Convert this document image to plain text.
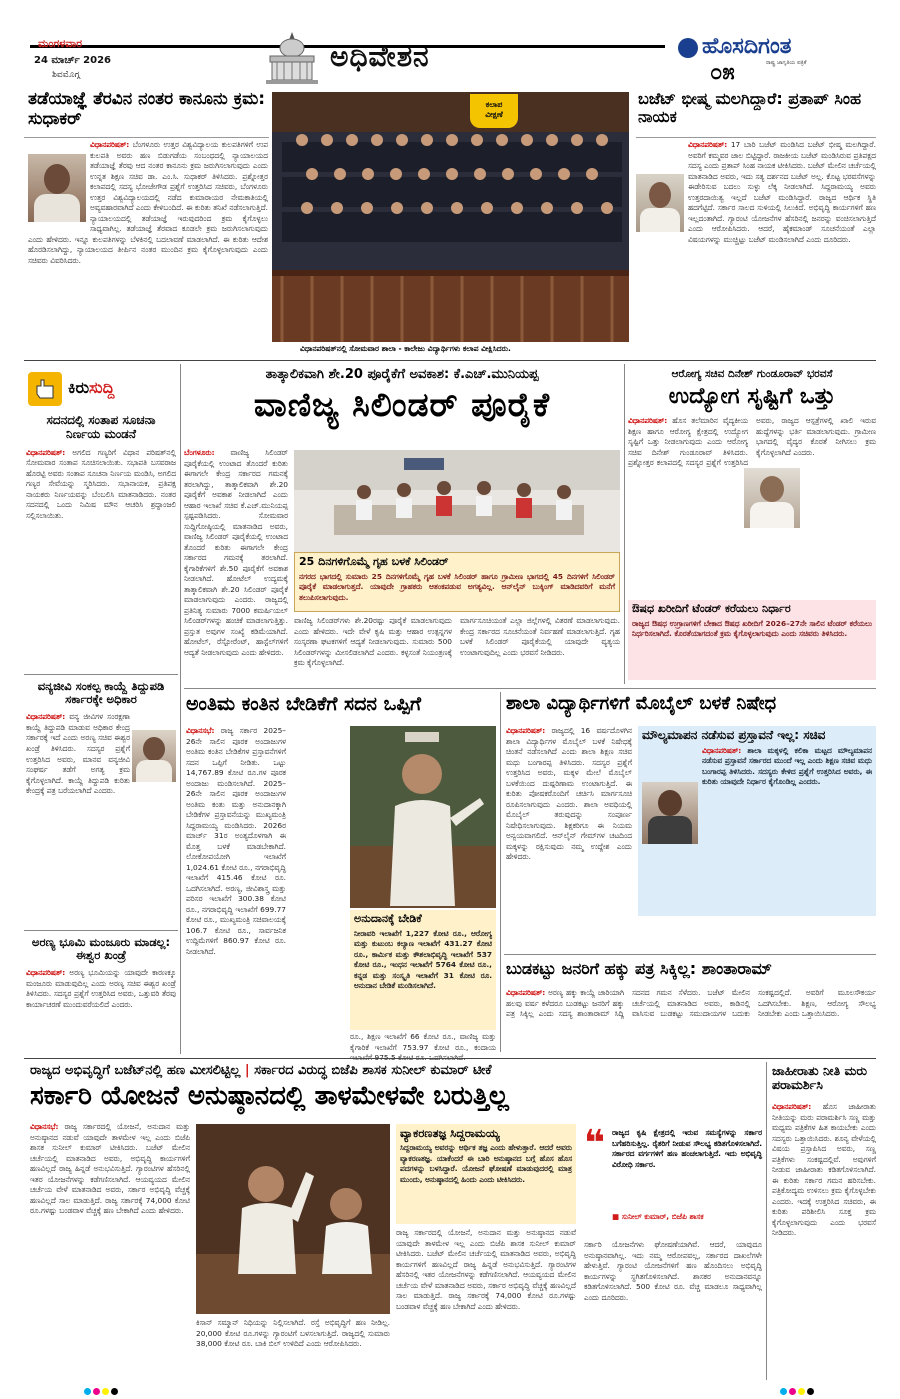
ಮಂಗಳವಾರ
24 ಮಾರ್ಚ್ 2026
ಶಿವಮೊಗ್ಗ
ಅಧಿವೇಶನ	ಹೊಸದಿಗಂತ
ರಾಷ್ಟ್ರ ಜಾಗೃತಿಯ ಪತ್ರಿಕೆ
೦೫
ತಡೆಯಾಜ್ಞೆ ತೆರವಿನ ನಂತರ ಕಾನೂನು ಕ್ರಮ: ಸುಧಾಕರ್
ವಿಧಾನಪರಿಷತ್: ಬೆಂಗಳೂರು ಉತ್ತರ ವಿಶ್ವವಿದ್ಯಾಲಯ ಕುಲಪತಿಗಳಿಗೆ ಉಪ ಕುಲಪತಿ ಅವರು ಹಣ ಬಿಡುಗಡೆಯ ಸಂಬಂಧದಲ್ಲಿ ನ್ಯಾಯಾಲಯದ ತಡೆಯಾಜ್ಞೆ ತೆರವು ಆದ ನಂತರ ಕಾನೂನು ಕ್ರಮ ಜರುಗಿಸಲಾಗುವುದು ಎಂದು ಉನ್ನತ ಶಿಕ್ಷಣ ಸಚಿವ ಡಾ. ಎಂ.ಸಿ. ಸುಧಾಕರ್ ತಿಳಿಸಿದರು. ಪ್ರಶ್ನೋತ್ತರ ಕಲಾಪದಲ್ಲಿ ಸದಸ್ಯ ಭೋಜೇಗೌಡ ಪ್ರಶ್ನೆಗೆ ಉತ್ತರಿಸಿದ ಸಚಿವರು, ಬೆಂಗಳೂರು ಉತ್ತರ ವಿಶ್ವವಿದ್ಯಾಲಯದಲ್ಲಿ ನಡೆದ ಕುಮಾರಾಯರ ನೇಮಕಾತಿಯಲ್ಲಿ ಅವ್ಯವಹಾರವಾಗಿದೆ ಎಂದು ಕೇಳಿಬಂದಿದೆ. ಈ ಕುರಿತು ತನಿಖೆ ನಡೆಸಲಾಗುತ್ತಿದೆ. ನ್ಯಾಯಾಲಯದಲ್ಲಿ ತಡೆಯಾಜ್ಞೆ ಇರುವುದರಿಂದ ಕ್ರಮ ಕೈಗೊಳ್ಳಲು ಸಾಧ್ಯವಾಗಿಲ್ಲ. ತಡೆಯಾಜ್ಞೆ ತೆರವಾದ ಕೂಡಲೇ ಕ್ರಮ ಜರುಗಿಸಲಾಗುವುದು ಎಂದು ಹೇಳಿದರು. ಇನ್ನೂ ಕುಲಪತಿಗಳನ್ನು ಬೆಳಕಿನಲ್ಲಿ ಬದಲಾವಣೆ ಮಾಡಲಾಗಿದೆ. ಈ ಕುರಿತು ಆದೇಶ ಹೊರಡಿಸಲಾಗಿದ್ದು, ನ್ಯಾಯಾಲಯದ ತೀರ್ಪಿನ ನಂತರ ಮುಂದಿನ ಕ್ರಮ ಕೈಗೊಳ್ಳಲಾಗುವುದು ಎಂದು ಸಚಿವರು ವಿವರಿಸಿದರು.
ಕಲಾಪ
ವೀಕ್ಷಣೆ
ವಿಧಾನಪರಿಷತ್‌ನಲ್ಲಿ ಸೋಮವಾರ ಶಾಲಾ - ಕಾಲೇಜು ವಿದ್ಯಾರ್ಥಿಗಳು ಕಲಾಪ ವೀಕ್ಷಿಸಿದರು.
ಬಜೆಟ್ ಭೀಷ್ಮ ಮಲಗಿದ್ದಾರೆ: ಪ್ರತಾಪ್ ಸಿಂಹ ನಾಯಕ
ವಿಧಾನಪರಿಷತ್: 17 ಬಾರಿ ಬಜೆಟ್ ಮಂಡಿಸಿದ ಬಜೆಟ್ ಭೀಷ್ಮ ಮಲಗಿದ್ದಾರೆ. ಅವರಿಗೆ ಕಮ್ಮವರ ಜಾಲ ಬಿಟ್ಟಿದ್ದಾರೆ. ರಾಜಕೀಯ ಬಜೆಟ್ ಮಂಡಿಸಿರುವ ಪ್ರತಿಪಕ್ಷದ ಸದಸ್ಯ ಎಂದು ಪ್ರತಾಪ್ ಸಿಂಹ ನಾಯಕ ಟೀಕಿಸಿದರು. ಬಜೆಟ್ ಮೇಲಿನ ಚರ್ಚೆಯಲ್ಲಿ ಮಾತನಾಡಿದ ಅವರು, ಇದು ಸತ್ಯ ದರ್ಶನದ ಬಜೆಟ್ ಅಲ್ಲ. ಕೊಟ್ಟ ಭರವಸೆಗಳನ್ನು ಈಡೇರಿಸುವ ಬದಲು ಸುಳ್ಳು ಲೆಕ್ಕ ನೀಡಲಾಗಿದೆ. ಸಿದ್ದರಾಮಯ್ಯ ಅವರು ಉತ್ತರದಾಯಿತ್ವ ಇಲ್ಲದೆ ಬಜೆಟ್ ಮಂಡಿಸಿದ್ದಾರೆ. ರಾಜ್ಯದ ಆರ್ಥಿಕ ಸ್ಥಿತಿ ಹದಗೆಟ್ಟಿದೆ. ಸರ್ಕಾರ ಸಾಲದ ಸುಳಿಯಲ್ಲಿ ಸಿಲುಕಿದೆ. ಅಭಿವೃದ್ಧಿ ಕಾರ್ಯಗಳಿಗೆ ಹಣ ಇಲ್ಲದಂತಾಗಿದೆ. ಗ್ಯಾರಂಟಿ ಯೋಜನೆಗಳ ಹೆಸರಿನಲ್ಲಿ ಜನರನ್ನು ವಂಚಿಸಲಾಗುತ್ತಿದೆ ಎಂದು ಆರೋಪಿಸಿದರು. ಆದರೆ, ಹೈಕಮಾಂಡ್ ಸೂಚನೆಯಂತೆ ಎಲ್ಲಾ ವಿಷಯಗಳನ್ನು ಮುಚ್ಚಿಟ್ಟು ಬಜೆಟ್ ಮಂಡಿಸಲಾಗಿದೆ ಎಂದು ದೂರಿದರು.
ಕಿರುಸುದ್ದಿ
ಸದನದಲ್ಲಿ ಸಂತಾಪ ಸೂಚನಾ ನಿರ್ಣಯ ಮಂಡನೆ
ವಿಧಾನಪರಿಷತ್: ಅಗಲಿದ ಗಣ್ಯರಿಗೆ ವಿಧಾನ ಪರಿಷತ್‌ನಲ್ಲಿ ಸೋಮವಾರ ಸಂತಾಪ ಸೂಚಿಸಲಾಯಿತು. ಸಭಾಪತಿ ಬಸವರಾಜ ಹೊರಟ್ಟಿ ಅವರು ಸಂತಾಪ ಸೂಚನಾ ನಿರ್ಣಯ ಮಂಡಿಸಿ, ಅಗಲಿದ ಗಣ್ಯರ ಸೇವೆಯನ್ನು ಸ್ಮರಿಸಿದರು. ಸಭಾನಾಯಕ, ಪ್ರತಿಪಕ್ಷ ನಾಯಕರು ನಿರ್ಣಯವನ್ನು ಬೆಂಬಲಿಸಿ ಮಾತನಾಡಿದರು. ನಂತರ ಸದನದಲ್ಲಿ ಒಂದು ನಿಮಿಷ ಮೌನ ಆಚರಿಸಿ ಶ್ರದ್ಧಾಂಜಲಿ ಸಲ್ಲಿಸಲಾಯಿತು.
ವನ್ಯಜೀವಿ ಸಂಕಲ್ಪ ಕಾಯ್ದೆ ತಿದ್ದುಪಡಿ ಸರ್ಕಾರಕ್ಕೇ ಅಧಿಕಾರ
ವಿಧಾನಪರಿಷತ್: ವನ್ಯ ಜೀವಿಗಳ ಸಂರಕ್ಷಣಾ ಕಾಯ್ದೆ ತಿದ್ದುಪಡಿ ಮಾಡುವ ಅಧಿಕಾರ ಕೇಂದ್ರ ಸರ್ಕಾರಕ್ಕೆ ಇದೆ ಎಂದು ಅರಣ್ಯ ಸಚಿವ ಈಶ್ವರ ಖಂಡ್ರೆ ತಿಳಿಸಿದರು. ಸದಸ್ಯರ ಪ್ರಶ್ನೆಗೆ ಉತ್ತರಿಸಿದ ಅವರು, ಮಾನವ ವನ್ಯಜೀವಿ ಸಂಘರ್ಷ ತಡೆಗೆ ಅಗತ್ಯ ಕ್ರಮ ಕೈಗೊಳ್ಳಲಾಗಿದೆ. ಕಾಯ್ದೆ ತಿದ್ದುಪಡಿ ಕುರಿತು ಕೇಂದ್ರಕ್ಕೆ ಪತ್ರ ಬರೆಯಲಾಗಿದೆ ಎಂದರು.
ಅರಣ್ಯ ಭೂಮಿ ಮಂಜೂರು ಮಾಡಲ್ಲ: ಈಶ್ವರ ಖಂಡ್ರೆ
ವಿಧಾನಪರಿಷತ್: ಅರಣ್ಯ ಭೂಮಿಯನ್ನು ಯಾವುದೇ ಕಾರಣಕ್ಕೂ ಮಂಜೂರು ಮಾಡುವುದಿಲ್ಲ ಎಂದು ಅರಣ್ಯ ಸಚಿವ ಈಶ್ವರ ಖಂಡ್ರೆ ತಿಳಿಸಿದರು. ಸದಸ್ಯರ ಪ್ರಶ್ನೆಗೆ ಉತ್ತರಿಸಿದ ಅವರು, ಒತ್ತುವರಿ ತೆರವು ಕಾರ್ಯಾಚರಣೆ ಮುಂದುವರೆಯಲಿದೆ ಎಂದರು.
ತಾತ್ಕಾಲಿಕವಾಗಿ ಶೇ.20 ಪೂರೈಕೆಗೆ ಅವಕಾಶ: ಕೆ.ಎಚ್.ಮುನಿಯಪ್ಪ
ವಾಣಿಜ್ಯ ಸಿಲಿಂಡರ್ ಪೂರೈಕೆ
ಬೆಂಗಳೂರು: ವಾಣಿಜ್ಯ ಸಿಲಿಂಡರ್ ಪೂರೈಕೆಯಲ್ಲಿ ಉಂಟಾದ ತೊಂದರೆ ಕುರಿತು ಈಗಾಗಲೇ ಕೇಂದ್ರ ಸರ್ಕಾರದ ಗಮನಕ್ಕೆ ತರಲಾಗಿದ್ದು, ತಾತ್ಕಾಲಿಕವಾಗಿ ಶೇ.20 ಪೂರೈಕೆಗೆ ಅವಕಾಶ ನೀಡಲಾಗಿದೆ ಎಂದು ಆಹಾರ ಇಲಾಖೆ ಸಚಿವ ಕೆ.ಎಚ್.ಮುನಿಯಪ್ಪ ಸ್ಪಷ್ಟಪಡಿಸಿದರು. ಸೋಮವಾರ ಸುದ್ದಿಗೋಷ್ಠಿಯಲ್ಲಿ ಮಾತನಾಡಿದ ಅವರು, ವಾಣಿಜ್ಯ ಸಿಲಿಂಡರ್ ಪೂರೈಕೆಯಲ್ಲಿ ಉಂಟಾದ ತೊಂದರೆ ಕುರಿತು ಈಗಾಗಲೇ ಕೇಂದ್ರ ಸರ್ಕಾರದ ಗಮನಕ್ಕೆ ತರಲಾಗಿದೆ. ಕೈಗಾರಿಕೆಗಳಿಗೆ ಶೇ.50 ಪೂರೈಕೆಗೆ ಅವಕಾಶ ನೀಡಲಾಗಿದೆ. ಹೋಟೆಲ್ ಉದ್ಯಮಕ್ಕೆ ತಾತ್ಕಾಲಿಕವಾಗಿ ಶೇ.20 ಸಿಲಿಂಡರ್ ಪೂರೈಕೆ ಮಾಡಲಾಗುವುದು ಎಂದರು. ರಾಜ್ಯದಲ್ಲಿ ಪ್ರತಿನಿತ್ಯ ಸುಮಾರು 7000 ಕಮರ್ಷಿಯಲ್ ಸಿಲಿಂಡರ್‌ಗಳನ್ನು ಹಂಚಿಕೆ ಮಾಡಲಾಗುತ್ತಿತ್ತು. ಪ್ರಸ್ತುತ ಅವುಗಳ ಸಂಖ್ಯೆ ಕಡಿಮೆಯಾಗಿದೆ. ಹೋಟೆಲ್, ರೆಸ್ಟೋರೆಂಟ್, ಹಾಸ್ಟೆಲ್‌ಗಳಿಗೆ ಆದ್ಯತೆ ನೀಡಲಾಗುವುದು ಎಂದು ಹೇಳಿದರು.
25 ದಿನಗಳಿಗೊಮ್ಮೆ ಗೃಹ ಬಳಕೆ ಸಿಲಿಂಡರ್
ನಗರದ ಭಾಗದಲ್ಲಿ ಸುಮಾರು 25 ದಿನಗಳಿಗೊಮ್ಮೆ ಗೃಹ ಬಳಕೆ ಸಿಲಿಂಡರ್ ಹಾಗೂ ಗ್ರಾಮೀಣ ಭಾಗದಲ್ಲಿ 45 ದಿನಗಳಿಗೆ ಸಿಲಿಂಡರ್ ಪೂರೈಕೆ ಮಾಡಲಾಗುತ್ತದೆ. ಯಾವುದೇ ಗ್ರಾಹಕರು ಆತಂಕಪಡುವ ಅಗತ್ಯವಿಲ್ಲ. ಆನ್‌ಲೈನ್ ಬುಕ್ಕಿಂಗ್ ಮಾಡಿದವರಿಗೆ ಮನೆಗೆ ತಲುಪಿಸಲಾಗುವುದು.
ವಾಣಿಜ್ಯ ಸಿಲಿಂಡರ್‌ಗಳು ಶೇ.20ರಷ್ಟು ಪೂರೈಕೆ ಮಾಡಲಾಗುವುದು ಎಂದು ಹೇಳಿದರು. ಇದೇ ವೇಳೆ ಕೃಷಿ ಮತ್ತು ಆಹಾರ ಉತ್ಪನ್ನಗಳ ಸಂಸ್ಕರಣಾ ಘಟಕಗಳಿಗೆ ಆದ್ಯತೆ ನೀಡಲಾಗುವುದು. ಸುಮಾರು 500 ಸಿಲಿಂಡರ್‌ಗಳನ್ನು ಮೀಸಲಿಡಲಾಗಿದೆ ಎಂದರು. ಕಳ್ಳಸಂತೆ ನಿಯಂತ್ರಣಕ್ಕೆ ಕ್ರಮ ಕೈಗೊಳ್ಳಲಾಗಿದೆ.
ಮಾರ್ಗಸೂಚಿಯಂತೆ ಎಲ್ಲಾ ಜಿಲ್ಲೆಗಳಲ್ಲಿ ವಿತರಣೆ ಮಾಡಲಾಗುವುದು. ಕೇಂದ್ರ ಸರ್ಕಾರದ ಸೂಚನೆಯಂತೆ ನಿರ್ವಹಣೆ ಮಾಡಲಾಗುತ್ತಿದೆ. ಗೃಹ ಬಳಕೆ ಸಿಲಿಂಡರ್ ಪೂರೈಕೆಯಲ್ಲಿ ಯಾವುದೇ ವ್ಯತ್ಯಯ ಉಂಟಾಗುವುದಿಲ್ಲ ಎಂದು ಭರವಸೆ ನೀಡಿದರು.
ಆರೋಗ್ಯ ಸಚಿವ ದಿನೇಶ್ ಗುಂಡೂರಾವ್ ಭರವಸೆ
ಉದ್ಯೋಗ ಸೃಷ್ಟಿಗೆ ಒತ್ತು
ವಿಧಾನಪರಿಷತ್: ಹೊಸ ತಲೆಮಾರಿನ ವೈದ್ಯಕೀಯ ಶಿಕ್ಷಣ ಹಾಗೂ ಆರೋಗ್ಯ ಕ್ಷೇತ್ರದಲ್ಲಿ ಉದ್ಯೋಗ ಸೃಷ್ಟಿಗೆ ಒತ್ತು ನೀಡಲಾಗುವುದು ಎಂದು ಆರೋಗ್ಯ ಸಚಿವ ದಿನೇಶ್ ಗುಂಡೂರಾವ್ ತಿಳಿಸಿದರು. ಪ್ರಶ್ನೋತ್ತರ ಕಲಾಪದಲ್ಲಿ ಸದಸ್ಯರ ಪ್ರಶ್ನೆಗೆ ಉತ್ತರಿಸಿದ ಅವರು, ರಾಜ್ಯದ ಆಸ್ಪತ್ರೆಗಳಲ್ಲಿ ಖಾಲಿ ಇರುವ ಹುದ್ದೆಗಳನ್ನು ಭರ್ತಿ ಮಾಡಲಾಗುವುದು. ಗ್ರಾಮೀಣ ಭಾಗದಲ್ಲಿ ವೈದ್ಯರ ಕೊರತೆ ನೀಗಿಸಲು ಕ್ರಮ ಕೈಗೊಳ್ಳಲಾಗಿದೆ ಎಂದರು.
ಔಷಧ ಖರೀದಿಗೆ ಟೆಂಡರ್ ಕರೆಯಲು ನಿರ್ಧಾರ
ರಾಜ್ಯದ ಔಷಧ ಉಗ್ರಾಣಗಳಿಗೆ ಬೇಕಾದ ಔಷಧ ಖರೀದಿಗೆ 2026–27ನೇ ಸಾಲಿನ ಟೆಂಡರ್ ಕರೆಯಲು ನಿರ್ಧರಿಸಲಾಗಿದೆ. ಕೊರತೆಯಾಗದಂತೆ ಕ್ರಮ ಕೈಗೊಳ್ಳಲಾಗುವುದು ಎಂದು ಸಚಿವರು ತಿಳಿಸಿದರು.
ಅಂತಿಮ ಕಂತಿನ ಬೇಡಿಕೆಗೆ ಸದನ ಒಪ್ಪಿಗೆ
ವಿಧಾನಸಭೆ: ರಾಜ್ಯ ಸರ್ಕಾರ 2025–26ನೇ ಸಾಲಿನ ಪೂರಕ ಅಂದಾಜುಗಳ ಅಂತಿಮ ಕಂತಿನ ಬೇಡಿಕೆಗಳ ಪ್ರಸ್ತಾವನೆಗಳಿಗೆ ಸದನ ಒಪ್ಪಿಗೆ ನೀಡಿತು. ಒಟ್ಟು 14,767.89 ಕೋಟಿ ರೂ.ಗಳ ಪೂರಕ ಅಂದಾಜು ಮಂಡಿಸಲಾಗಿದೆ. 2025–26ನೇ ಸಾಲಿನ ಪೂರಕ ಅಂದಾಜುಗಳ ಅಂತಿಮ ಕಂತು ಮತ್ತು ಅನುದಾನಕ್ಕಾಗಿ ಬೇಡಿಕೆಗಳ ಪ್ರಸ್ತಾವನೆಯನ್ನು ಮುಖ್ಯಮಂತ್ರಿ ಸಿದ್ದರಾಮಯ್ಯ ಮಂಡಿಸಿದರು. 2026ರ ಮಾರ್ಚ್ 31ರ ಅಂತ್ಯದೊಳಗಾಗಿ ಈ ಮೊತ್ತ ಬಳಕೆ ಮಾಡಬೇಕಾಗಿದೆ. ಲೋಕೋಪಯೋಗಿ ಇಲಾಖೆಗೆ 1,024.61 ಕೋಟಿ ರೂ., ನಗರಾಭಿವೃದ್ಧಿ ಇಲಾಖೆಗೆ 415.46 ಕೋಟಿ ರೂ. ಒದಗಿಸಲಾಗಿದೆ. ಅರಣ್ಯ, ಜೀವಿಶಾಸ್ತ್ರ ಮತ್ತು ಪರಿಸರ ಇಲಾಖೆಗೆ 300.38 ಕೋಟಿ ರೂ., ನಗರಾಭಿವೃದ್ಧಿ ಇಲಾಖೆಗೆ 699.77 ಕೋಟಿ ರೂ., ಮುಖ್ಯಮಂತ್ರಿ ಸಚಿವಾಲಯಕ್ಕೆ 106.7 ಕೋಟಿ ರೂ., ಸಾರ್ವಜನಿಕ ಉದ್ದಿಮೆಗಳಿಗೆ 860.97 ಕೋಟಿ ರೂ. ನೀಡಲಾಗಿದೆ.
ಅನುದಾನಕ್ಕೆ ಬೇಡಿಕೆ
ನೀರಾವರಿ ಇಲಾಖೆಗೆ 1,227 ಕೋಟಿ ರೂ., ಆರೋಗ್ಯ ಮತ್ತು ಕುಟುಂಬ ಕಲ್ಯಾಣ ಇಲಾಖೆಗೆ 431.27 ಕೋಟಿ ರೂ., ಕಾರ್ಮಿಕ ಮತ್ತು ಕೌಶಲಾಭಿವೃದ್ಧಿ ಇಲಾಖೆಗೆ 537 ಕೋಟಿ ರೂ., ಇಂಧನ ಇಲಾಖೆಗೆ 5764 ಕೋಟಿ ರೂ., ಕನ್ನಡ ಮತ್ತು ಸಂಸ್ಕೃತಿ ಇಲಾಖೆಗೆ 31 ಕೋಟಿ ರೂ. ಅನುದಾನ ಬೇಡಿಕೆ ಮಂಡಿಸಲಾಗಿದೆ.
ರೂ., ಶಿಕ್ಷಣ ಇಲಾಖೆಗೆ 66 ಕೋಟಿ ರೂ., ವಾಣಿಜ್ಯ ಮತ್ತು ಕೈಗಾರಿಕೆ ಇಲಾಖೆಗೆ 753.97 ಕೋಟಿ ರೂ., ಕಂದಾಯ
ಶಾಲಾ ವಿದ್ಯಾರ್ಥಿಗಳಿಗೆ ಮೊಬೈಲ್ ಬಳಕೆ ನಿಷೇಧ
ವಿಧಾನಪರಿಷತ್: ರಾಜ್ಯದಲ್ಲಿ 16 ವರ್ಷದೊಳಗಿನ ಶಾಲಾ ವಿದ್ಯಾರ್ಥಿಗಳ ಮೊಬೈಲ್ ಬಳಕೆ ನಿಷೇಧಕ್ಕೆ ಚಿಂತನೆ ನಡೆಸಲಾಗಿದೆ ಎಂದು ಶಾಲಾ ಶಿಕ್ಷಣ ಸಚಿವ ಮಧು ಬಂಗಾರಪ್ಪ ತಿಳಿಸಿದರು. ಸದಸ್ಯರ ಪ್ರಶ್ನೆಗೆ ಉತ್ತರಿಸಿದ ಅವರು, ಮಕ್ಕಳ ಮೇಲೆ ಮೊಬೈಲ್ ಬಳಕೆಯಿಂದ ದುಷ್ಪರಿಣಾಮ ಉಂಟಾಗುತ್ತಿದೆ. ಈ ಕುರಿತು ಪೋಷಕರೊಂದಿಗೆ ಚರ್ಚಿಸಿ ಮಾರ್ಗಸೂಚಿ ರೂಪಿಸಲಾಗುವುದು ಎಂದರು. ಶಾಲಾ ಅವಧಿಯಲ್ಲಿ ಮೊಬೈಲ್ ತರುವುದನ್ನು ಸಂಪೂರ್ಣ ನಿಷೇಧಿಸಲಾಗುವುದು. ಶಿಕ್ಷಕರಿಗೂ ಈ ನಿಯಮ ಅನ್ವಯವಾಗಲಿದೆ. ಆನ್‌ಲೈನ್ ಗೇಮ್‌ಗಳ ಚಟದಿಂದ ಮಕ್ಕಳನ್ನು ರಕ್ಷಿಸುವುದು ನಮ್ಮ ಉದ್ದೇಶ ಎಂದು ಹೇಳಿದರು.
ಮೌಲ್ಯಮಾಪನ ನಡೆಸುವ ಪ್ರಸ್ತಾವನೆ ಇಲ್ಲ: ಸಚಿವ
ವಿಧಾನಪರಿಷತ್: ಶಾಲಾ ಮಕ್ಕಳಲ್ಲಿ ಕಲಿಕಾ ಮಟ್ಟದ ಮೌಲ್ಯಮಾಪನ ನಡೆಸುವ ಪ್ರಸ್ತಾವನೆ ಸರ್ಕಾರದ ಮುಂದೆ ಇಲ್ಲ ಎಂದು ಶಿಕ್ಷಣ ಸಚಿವ ಮಧು ಬಂಗಾರಪ್ಪ ತಿಳಿಸಿದರು. ಸದಸ್ಯರು ಕೇಳಿದ ಪ್ರಶ್ನೆಗೆ ಉತ್ತರಿಸಿದ ಅವರು, ಈ ಕುರಿತು ಯಾವುದೇ ನಿರ್ಧಾರ ಕೈಗೊಂಡಿಲ್ಲ ಎಂದರು.
ಬುಡಕಟ್ಟು ಜನರಿಗೆ ಹಕ್ಕು ಪತ್ರ ಸಿಕ್ಕಿಲ್ಲ: ಶಾಂತಾರಾಮ್
ವಿಧಾನಪರಿಷತ್: ಅರಣ್ಯ ಹಕ್ಕು ಕಾಯ್ದೆ ಜಾರಿಯಾಗಿ ಹಲವು ವರ್ಷ ಕಳೆದರೂ ಬುಡಕಟ್ಟು ಜನರಿಗೆ ಹಕ್ಕು ಪತ್ರ ಸಿಕ್ಕಿಲ್ಲ ಎಂದು ಸದಸ್ಯ ಶಾಂತಾರಾಮ್ ಸಿದ್ದಿ ಸದನದ ಗಮನ ಸೆಳೆದರು. ಬಜೆಟ್ ಮೇಲಿನ ಚರ್ಚೆಯಲ್ಲಿ ಮಾತನಾಡಿದ ಅವರು, ಕಾಡಿನಲ್ಲಿ ವಾಸಿಸುವ ಬುಡಕಟ್ಟು ಸಮುದಾಯಗಳ ಬದುಕು ಸಂಕಷ್ಟದಲ್ಲಿದೆ. ಅವರಿಗೆ ಮೂಲಸೌಕರ್ಯ ಒದಗಿಸಬೇಕು. ಶಿಕ್ಷಣ, ಆರೋಗ್ಯ ಸೌಲಭ್ಯ ನೀಡಬೇಕು ಎಂದು ಒತ್ತಾಯಿಸಿದರು.
ರಾಜ್ಯದ ಅಭಿವೃದ್ಧಿಗೆ ಬಜೆಟ್‌ನಲ್ಲಿ ಹಣ ಮೀಸಲಿಟ್ಟಿಲ್ಲ | ಸರ್ಕಾರದ ವಿರುದ್ಧ ಬಿಜೆಪಿ ಶಾಸಕ ಸುನೀಲ್ ಕುಮಾರ್ ಟೀಕೆ
ಸರ್ಕಾರಿ ಯೋಜನೆ ಅನುಷ್ಠಾನದಲ್ಲಿ ತಾಳಮೇಳವೇ ಬರುತ್ತಿಲ್ಲ
ವಿಧಾನಸಭೆ: ರಾಜ್ಯ ಸರ್ಕಾರದಲ್ಲಿ ಯೋಜನೆ, ಅನುದಾನ ಮತ್ತು ಅನುಷ್ಠಾನದ ನಡುವೆ ಯಾವುದೇ ತಾಳಮೇಳ ಇಲ್ಲ ಎಂದು ಬಿಜೆಪಿ ಶಾಸಕ ಸುನೀಲ್ ಕುಮಾರ್ ಟೀಕಿಸಿದರು. ಬಜೆಟ್ ಮೇಲಿನ ಚರ್ಚೆಯಲ್ಲಿ ಮಾತನಾಡಿದ ಅವರು, ಅಭಿವೃದ್ಧಿ ಕಾರ್ಯಗಳಿಗೆ ಹಣವಿಲ್ಲದೆ ರಾಜ್ಯ ಹಿನ್ನಡೆ ಅನುಭವಿಸುತ್ತಿದೆ. ಗ್ಯಾರಂಟಿಗಳ ಹೆಸರಿನಲ್ಲಿ ಇತರ ಯೋಜನೆಗಳನ್ನು ಕಡೆಗಣಿಸಲಾಗಿದೆ. ಆಯವ್ಯಯದ ಮೇಲಿನ ಚರ್ಚೆಯ ವೇಳೆ ಮಾತನಾಡಿದ ಅವರು, ಸರ್ಕಾರ ಅಭಿವೃದ್ಧಿ ವೆಚ್ಚಕ್ಕೆ ಹಣವಿಲ್ಲದೆ ಸಾಲ ಮಾಡುತ್ತಿದೆ. ರಾಜ್ಯ ಸರ್ಕಾರಕ್ಕೆ 74,000 ಕೋಟಿ ರೂ.ಗಳಷ್ಟು ಬಂಡವಾಳ ವೆಚ್ಚಕ್ಕೆ ಹಣ ಬೇಕಾಗಿದೆ ಎಂದು ಹೇಳಿದರು.
ಕಿಸಾನ್ ಸಮ್ಮಾನ್ ನಿಧಿಯನ್ನು ನಿಲ್ಲಿಸಲಾಗಿದೆ. ರಸ್ತೆ ಅಭಿವೃದ್ಧಿಗೆ ಹಣ ನೀಡಿಲ್ಲ. 20,000 ಕೋಟಿ ರೂ.ಗಳನ್ನು ಗ್ಯಾರಂಟಿಗೆ ಬಳಸಲಾಗುತ್ತಿದೆ. ರಾಜ್ಯದಲ್ಲಿ ಸುಮಾರು 38,000 ಕೋಟಿ ರೂ. ಬಾಕಿ ಬಿಲ್ ಉಳಿದಿದೆ ಎಂದು ಆರೋಪಿಸಿದರು.
ವ್ಯಾಕರಣತಜ್ಞ ಸಿದ್ದರಾಮಯ್ಯ
ಸಿದ್ದರಾಮಯ್ಯ ಅವರನ್ನು ಆರ್ಥಿಕ ತಜ್ಞ ಎಂದು ಹೇಳುತ್ತಾರೆ. ಆದರೆ ಅವರು ವ್ಯಾಕರಣತಜ್ಞ. ಯಾಕೆಂದರೆ ಈ ಬಾರಿ ಅನುಷ್ಠಾನದ ಬಗ್ಗೆ ಹೊಸ ಹೊಸ ಪದಗಳನ್ನು ಬಳಸಿದ್ದಾರೆ. ಯೋಜನೆ ಘೋಷಣೆ ಮಾಡುವುದರಲ್ಲಿ ಮಾತ್ರ ಮುಂದು, ಅನುಷ್ಠಾನದಲ್ಲಿ ಹಿಂದು ಎಂದು ಟೀಕಿಸಿದರು.
ರಾಜ್ಯ ಸರ್ಕಾರದಲ್ಲಿ ಯೋಜನೆ, ಅನುದಾನ ಮತ್ತು ಅನುಷ್ಠಾನದ ನಡುವೆ ಯಾವುದೇ ತಾಳಮೇಳ ಇಲ್ಲ ಎಂದು ಬಿಜೆಪಿ ಶಾಸಕ ಸುನೀಲ್ ಕುಮಾರ್ ಟೀಕಿಸಿದರು. ಬಜೆಟ್ ಮೇಲಿನ ಚರ್ಚೆಯಲ್ಲಿ ಮಾತನಾಡಿದ ಅವರು, ಅಭಿವೃದ್ಧಿ ಕಾರ್ಯಗಳಿಗೆ ಹಣವಿಲ್ಲದೆ ರಾಜ್ಯ ಹಿನ್ನಡೆ ಅನುಭವಿಸುತ್ತಿದೆ. ಗ್ಯಾರಂಟಿಗಳ ಹೆಸರಿನಲ್ಲಿ ಇತರ ಯೋಜನೆಗಳನ್ನು ಕಡೆಗಣಿಸಲಾಗಿದೆ. ಆಯವ್ಯಯದ ಮೇಲಿನ ಚರ್ಚೆಯ ವೇಳೆ ಮಾತನಾಡಿದ ಅವರು, ಸರ್ಕಾರ ಅಭಿವೃದ್ಧಿ ವೆಚ್ಚಕ್ಕೆ ಹಣವಿಲ್ಲದೆ ಸಾಲ ಮಾಡುತ್ತಿದೆ. ರಾಜ್ಯ ಸರ್ಕಾರಕ್ಕೆ 74,000 ಕೋಟಿ ರೂ.ಗಳಷ್ಟು ಬಂಡವಾಳ ವೆಚ್ಚಕ್ಕೆ ಹಣ ಬೇಕಾಗಿದೆ ಎಂದು ಹೇಳಿದರು.
❝ ರಾಜ್ಯದ ಕೃಷಿ ಕ್ಷೇತ್ರದಲ್ಲಿ ಇರುವ ಸಮಸ್ಯೆಗಳನ್ನು ಸರ್ಕಾರ ಬಗೆಹರಿಸುತ್ತಿಲ್ಲ. ರೈತರಿಗೆ ನೀಡುವ ಸೌಲಭ್ಯ ಕಡಿತಗೊಳಿಸಲಾಗಿದೆ. ಸರ್ಕಾರದ ವರ್ಗಗಳಿಗೆ ಹಣ ಹಂಚಲಾಗುತ್ತಿದೆ. ಇದು ಅಭಿವೃದ್ಧಿ ವಿರೋಧಿ ಸರ್ಕಾರ.
■ ಸುನೀಲ್ ಕುಮಾರ್, ಬಿಜೆಪಿ ಶಾಸಕ
ಸರ್ಕಾರಿ ಯೋಜನೆಗಳು ಘೋಷಣೆಯಾಗಿವೆ. ಆದರೆ, ಯಾವುದೂ ಅನುಷ್ಠಾನವಾಗಿಲ್ಲ. ಇದು ನಮ್ಮ ಆರೋಪವಲ್ಲ, ಸರ್ಕಾರದ ದಾಖಲೆಗಳೇ ಹೇಳುತ್ತಿವೆ. ಗ್ಯಾರಂಟಿ ಯೋಜನೆಗಳಿಗೆ ಹಣ ಹೊಂದಿಸಲು ಅಭಿವೃದ್ಧಿ ಕಾರ್ಯಗಳನ್ನು ಸ್ಥಗಿತಗೊಳಿಸಲಾಗಿದೆ. ಶಾಸಕರ ಅನುದಾನವನ್ನೂ ಕಡಿತಗೊಳಿಸಲಾಗಿದೆ. 500 ಕೋಟಿ ರೂ. ವೆಚ್ಚ ಮಾಡಲೂ ಸಾಧ್ಯವಾಗಿಲ್ಲ ಎಂದು ದೂರಿದರು.
ಜಾಹೀರಾತು ನೀತಿ ಮರು ಪರಾಮರ್ಶಿಸಿ
ವಿಧಾನಪರಿಷತ್: ಹೊಸ ಜಾಹೀರಾತು ನೀತಿಯನ್ನು ಮರು ಪರಾಮರ್ಶಿಸಿ ಸಣ್ಣ ಮತ್ತು ಮಧ್ಯಮ ಪತ್ರಿಕೆಗಳ ಹಿತ ಕಾಯಬೇಕು ಎಂದು ಸದಸ್ಯರು ಒತ್ತಾಯಿಸಿದರು. ಶೂನ್ಯ ವೇಳೆಯಲ್ಲಿ ವಿಷಯ ಪ್ರಸ್ತಾಪಿಸಿದ ಅವರು, ಸಣ್ಣ ಪತ್ರಿಕೆಗಳು ಸಂಕಷ್ಟದಲ್ಲಿವೆ. ಅವುಗಳಿಗೆ ನೀಡುವ ಜಾಹೀರಾತು ಕಡಿತಗೊಳಿಸಲಾಗಿದೆ. ಈ ಕುರಿತು ಸರ್ಕಾರ ಗಮನ ಹರಿಸಬೇಕು. ಪತ್ರಿಕೋದ್ಯಮ ಉಳಿಸಲು ಕ್ರಮ ಕೈಗೊಳ್ಳಬೇಕು ಎಂದರು. ಇದಕ್ಕೆ ಉತ್ತರಿಸಿದ ಸಚಿವರು, ಈ ಕುರಿತು ಪರಿಶೀಲಿಸಿ ಸೂಕ್ತ ಕ್ರಮ ಕೈಗೊಳ್ಳಲಾಗುವುದು ಎಂದು ಭರವಸೆ ನೀಡಿದರು.
